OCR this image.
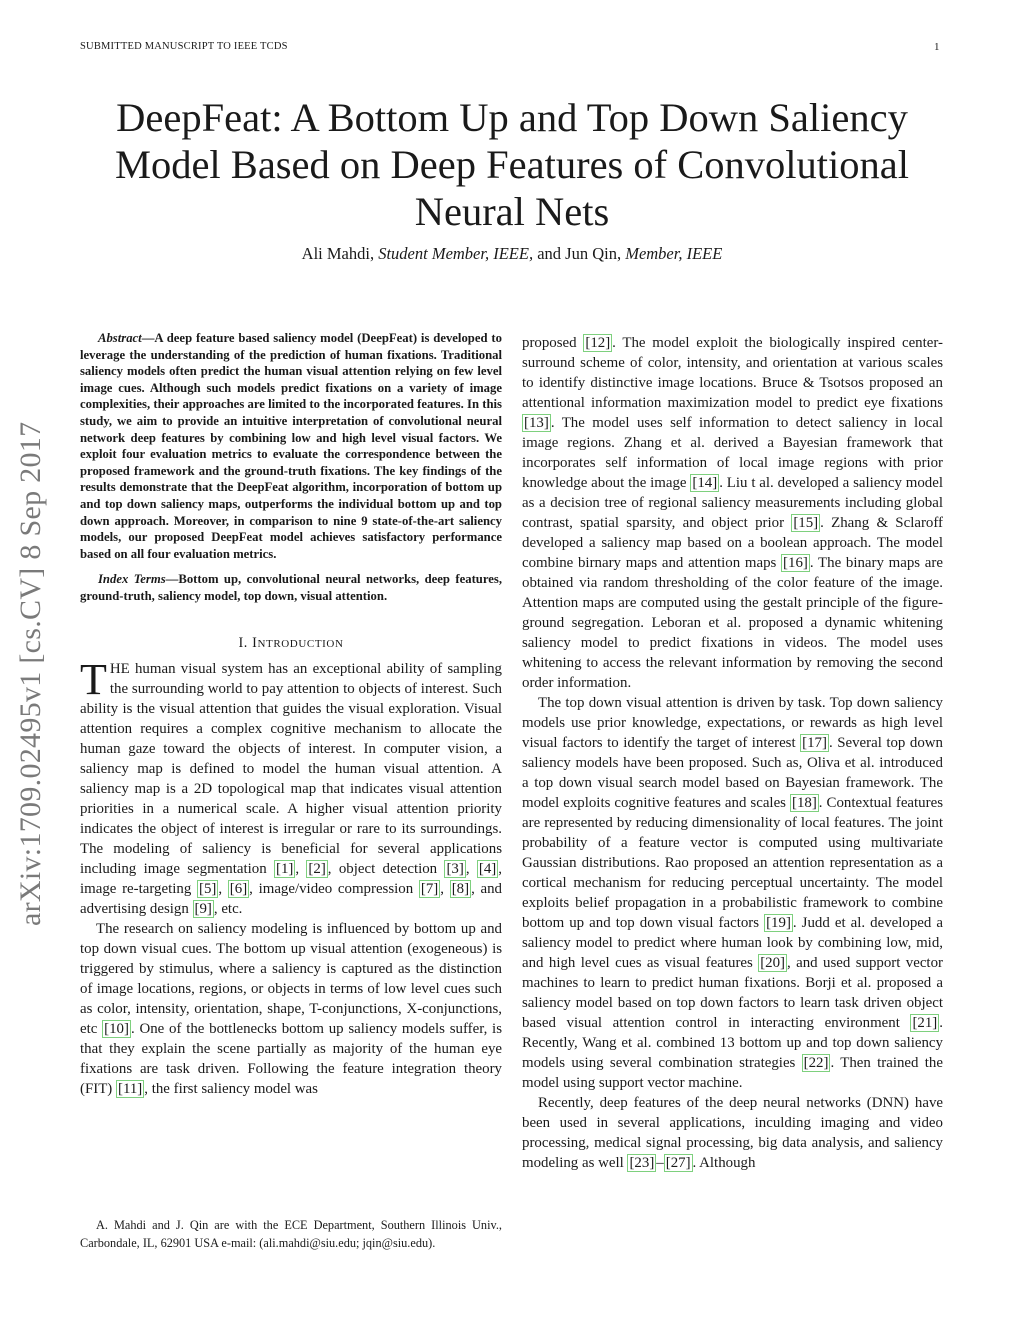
SUBMITTED MANUSCRIPT TO IEEE TCDS	1
DeepFeat: A Bottom Up and Top Down Saliency Model Based on Deep Features of Convolutional Neural Nets
Ali Mahdi, Student Member, IEEE, and Jun Qin, Member, IEEE
arXiv:1709.02495v1 [cs.CV] 8 Sep 2017

Abstract—A deep feature based saliency model (DeepFeat) is developed to leverage the understanding of the prediction of human fixations. Traditional saliency models often predict the human visual attention relying on few level image cues. Although such models predict fixations on a variety of image complexities, their approaches are limited to the incorporated features. In this study, we aim to provide an intuitive interpretation of convolutional neural network deep features by combining low and high level visual factors. We exploit four evaluation metrics to evaluate the correspondence between the proposed framework and the ground-truth fixations. The key findings of the results demonstrate that the DeepFeat algorithm, incorporation of bottom up and top down saliency maps, outperforms the individual bottom up and top down approach. Moreover, in comparison to nine 9 state-of-the-art saliency models, our proposed DeepFeat model achieves satisfactory performance based on all four evaluation metrics.

Index Terms—Bottom up, convolutional neural networks, deep features, ground-truth, saliency model, top down, visual attention.

I. INTRODUCTION

THE human visual system has an exceptional ability of sampling the surrounding world to pay attention to objects of interest. Such ability is the visual attention that guides the visual exploration. Visual attention requires a complex cognitive mechanism to allocate the human gaze toward the objects of interest. In computer vision, a saliency map is defined to model the human visual attention. A saliency map is a 2D topological map that indicates visual attention priorities in a numerical scale. A higher visual attention priority indicates the object of interest is irregular or rare to its surroundings. The modeling of saliency is beneficial for several applications including image segmentation [1] , [2] , object detection [3] , [4] , image re-targeting [5] , [6] , image/video compression [7] , [8] , and advertising design [9] , etc.

The research on saliency modeling is influenced by bottom up and top down visual cues. The bottom up visual attention (exogeneous) is triggered by stimulus, where a saliency is captured as the distinction of image locations, regions, or objects in terms of low level cues such as color, intensity, orientation, shape, T-conjunctions, X-conjunctions, etc [10] . One of the bottlenecks bottom up saliency models suffer, is that they explain the scene partially as majority of the human eye fixations are task driven. Following the feature integration theory (FIT) [11] , the first saliency model was

A. Mahdi and J. Qin are with the ECE Department, Southern Illinois Univ., Carbondale, IL, 62901 USA e-mail: (ali.mahdi@siu.edu; jqin@siu.edu).

proposed [12] . The model exploit the biologically inspired center-surround scheme of color, intensity, and orientation at various scales to identify distinctive image locations. Bruce & Tsotsos proposed an attentional information maximization model to predict eye fixations [13] . The model uses self information to detect saliency in local image regions. Zhang et al. derived a Bayesian framework that incorporates self information of local image regions with prior knowledge about the image [14] . Liu t al. developed a saliency model as a decision tree of regional saliency measurements including global contrast, spatial sparsity, and object prior [15] . Zhang & Sclaroff developed a saliency map based on a boolean approach. The model combine birnary maps and attention maps [16] . The binary maps are obtained via random thresholding of the color feature of the image. Attention maps are computed using the gestalt principle of the figure-ground segregation. Leboran et al. proposed a dynamic whitening saliency model to predict fixations in videos. The model uses whitening to access the relevant information by removing the second order information.

The top down visual attention is driven by task. Top down saliency models use prior knowledge, expectations, or rewards as high level visual factors to identify the target of interest [17] . Several top down saliency models have been proposed. Such as, Oliva et al. introduced a top down visual search model based on Bayesian framework. The model exploits cognitive features and scales [18] . Contextual features are represented by reducing dimensionality of local features. The joint probability of a feature vector is computed using multivariate Gaussian distributions. Rao proposed an attention representation as a cortical mechanism for reducing perceptual uncertainty. The model exploits belief propagation in a probabilistic framework to combine bottom up and top down visual factors [19] . Judd et al. developed a saliency model to predict where human look by combining low, mid, and high level cues as visual features [20] , and used support vector machines to learn to predict human fixations. Borji et al. proposed a saliency model based on top down factors to learn task driven object based visual attention control in interacting environment [21] . Recently, Wang et al. combined 13 bottom up and top down saliency models using several combination strategies [22] . Then trained the model using support vector machine.

Recently, deep features of the deep neural networks (DNN) have been used in several applications, inculding imaging and video processing, medical signal processing, big data analysis, and saliency modeling as well [23] – [27] . Although
